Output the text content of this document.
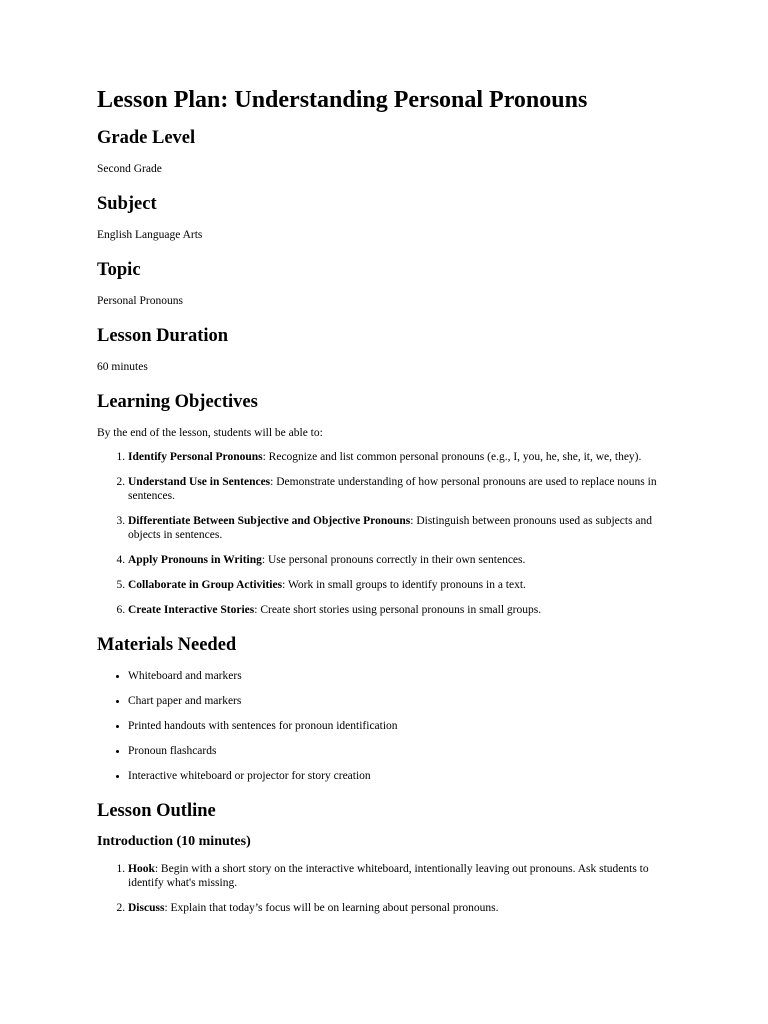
Lesson Plan: Understanding Personal Pronouns
Grade Level

Second Grade

Subject

English Language Arts

Topic

Personal Pronouns

Lesson Duration

60 minutes

Learning Objectives

By the end of the lesson, students will be able to:

1. Identify Personal Pronouns: Recognize and list common personal pronouns (e.g., I, you, he, she, it, we, they).
2. Understand Use in Sentences: Demonstrate understanding of how personal pronouns are used to replace nouns in sentences.
3. Differentiate Between Subjective and Objective Pronouns: Distinguish between pronouns used as subjects and objects in sentences.
4. Apply Pronouns in Writing: Use personal pronouns correctly in their own sentences.
5. Collaborate in Group Activities: Work in small groups to identify pronouns in a text.
6. Create Interactive Stories: Create short stories using personal pronouns in small groups.
Materials Needed
• Whiteboard and markers
• Chart paper and markers
• Printed handouts with sentences for pronoun identification
• Pronoun flashcards
• Interactive whiteboard or projector for story creation
Lesson Outline
Introduction (10 minutes)
1. Hook: Begin with a short story on the interactive whiteboard, intentionally leaving out pronouns. Ask students to identify what's missing.
2. Discuss: Explain that today’s focus will be on learning about personal pronouns.
